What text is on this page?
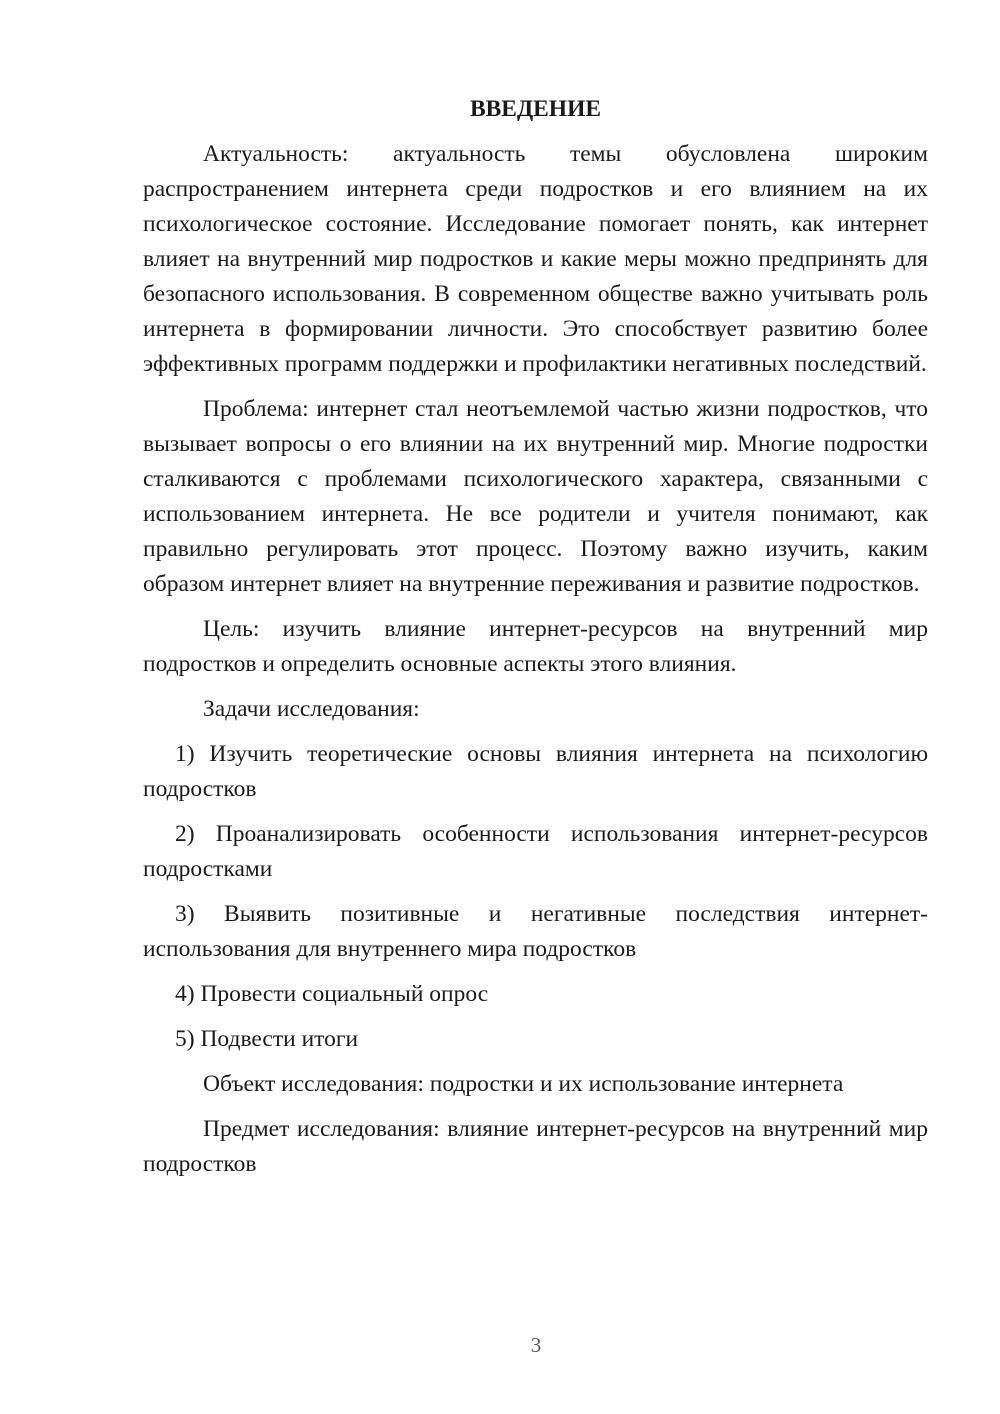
ВВЕДЕНИЕ

Актуальность: актуальность темы обусловлена широким распространением интернета среди подростков и его влиянием на их психологическое состояние. Исследование помогает понять, как интернет влияет на внутренний мир подростков и какие меры можно предпринять для безопасного использования. В современном обществе важно учитывать роль интернета в формировании личности. Это способствует развитию более эффективных программ поддержки и профилактики негативных последствий.

Проблема: интернет стал неотъемлемой частью жизни подростков, что вызывает вопросы о его влиянии на их внутренний мир. Многие подростки сталкиваются с проблемами психологического характера, связанными с использованием интернета. Не все родители и учителя понимают, как правильно регулировать этот процесс. Поэтому важно изучить, каким образом интернет влияет на внутренние переживания и развитие подростков.

Цель: изучить влияние интернет-ресурсов на внутренний мир подростков и определить основные аспекты этого влияния.

Задачи исследования:

1) Изучить теоретические основы влияния интернета на психологию подростков

2) Проанализировать особенности использования интернет-ресурсов подростками

3) Выявить позитивные и негативные последствия интернет-использования для внутреннего мира подростков

4) Провести социальный опрос

5) Подвести итоги

Объект исследования: подростки и их использование интернета

Предмет исследования: влияние интернет-ресурсов на внутренний мир подростков

3
